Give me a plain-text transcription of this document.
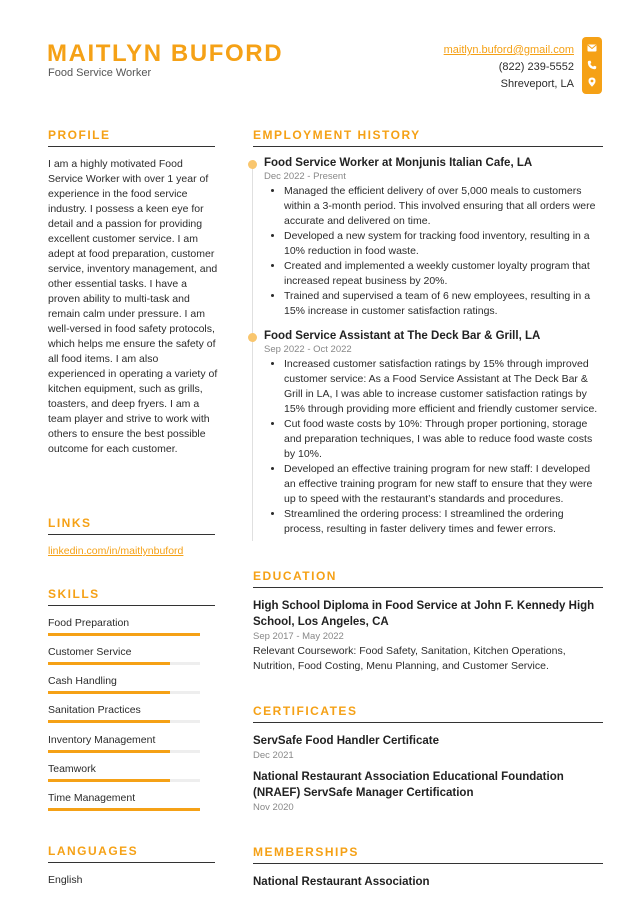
MAITLYN BUFORD
Food Service Worker
maitlyn.buford@gmail.com
(822) 239-5552
Shreveport, LA
PROFILE
I am a highly motivated Food Service Worker with over 1 year of experience in the food service industry. I possess a keen eye for detail and a passion for providing excellent customer service. I am adept at food preparation, customer service, inventory management, and other essential tasks. I have a proven ability to multi-task and remain calm under pressure. I am well-versed in food safety protocols, which helps me ensure the safety of all food items. I am also experienced in operating a variety of kitchen equipment, such as grills, toasters, and deep fryers. I am a team player and strive to work with others to ensure the best possible outcome for each customer.
LINKS
linkedin.com/in/maitlynbuford
SKILLS
Food Preparation
Customer Service
Cash Handling
Sanitation Practices
Inventory Management
Teamwork
Time Management
LANGUAGES
English
EMPLOYMENT HISTORY
Food Service Worker at Monjunis Italian Cafe, LA
Dec 2022 - Present
• Managed the efficient delivery of over 5,000 meals to customers within a 3-month period. This involved ensuring that all orders were accurate and delivered on time.
• Developed a new system for tracking food inventory, resulting in a 10% reduction in food waste.
• Created and implemented a weekly customer loyalty program that increased repeat business by 20%.
• Trained and supervised a team of 6 new employees, resulting in a 15% increase in customer satisfaction ratings.
Food Service Assistant at The Deck Bar & Grill, LA
Sep 2022 - Oct 2022
• Increased customer satisfaction ratings by 15% through improved customer service: As a Food Service Assistant at The Deck Bar & Grill in LA, I was able to increase customer satisfaction ratings by 15% through providing more efficient and friendly customer service.
• Cut food waste costs by 10%: Through proper portioning, storage and preparation techniques, I was able to reduce food waste costs by 10%.
• Developed an effective training program for new staff: I developed an effective training program for new staff to ensure that they were up to speed with the restaurant’s standards and procedures.
• Streamlined the ordering process: I streamlined the ordering process, resulting in faster delivery times and fewer errors.
EDUCATION
High School Diploma in Food Service at John F. Kennedy High School, Los Angeles, CA
Sep 2017 - May 2022
Relevant Coursework: Food Safety, Sanitation, Kitchen Operations, Nutrition, Food Costing, Menu Planning, and Customer Service.
CERTIFICATES
ServSafe Food Handler Certificate
Dec 2021
National Restaurant Association Educational Foundation (NRAEF) ServSafe Manager Certification
Nov 2020
MEMBERSHIPS
National Restaurant Association
